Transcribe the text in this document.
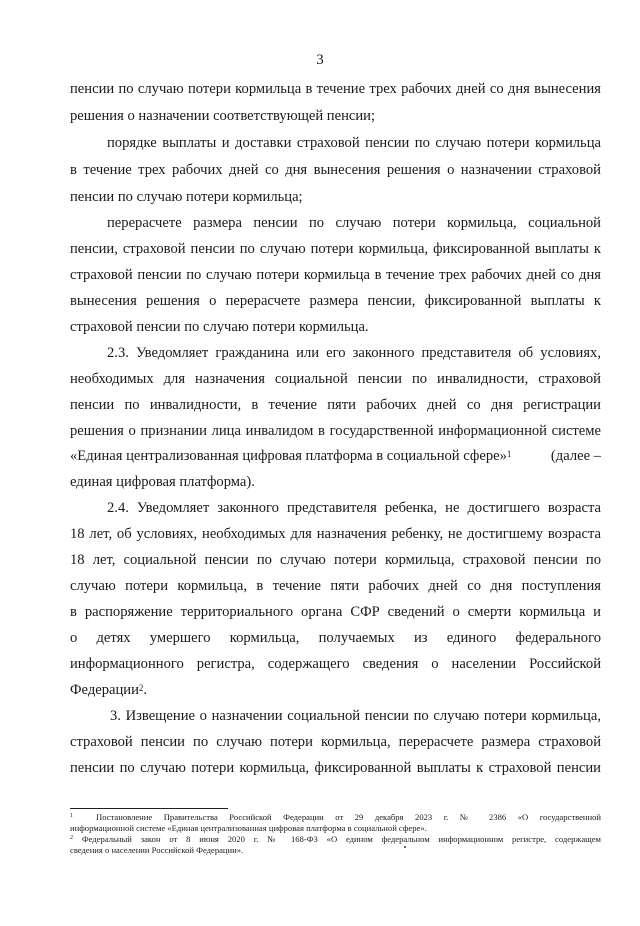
3
пенсии по случаю потери кормильца в течение трех рабочих дней со дня вынесения
решения о назначении соответствующей пенсии;
порядке выплаты и доставки страховой пенсии по случаю потери кормильца
в течение трех рабочих дней со дня вынесения решения о назначении страховой
пенсии по случаю потери кормильца;
перерасчете размера пенсии по случаю потери кормильца, социальной
пенсии, страховой пенсии по случаю потери кормильца, фиксированной выплаты к
страховой пенсии по случаю потери кормильца в течение трех рабочих дней со дня
вынесения решения о перерасчете размера пенсии, фиксированной выплаты к
страховой пенсии по случаю потери кормильца.
2.3. Уведомляет гражданина или его законного представителя об условиях,
необходимых для назначения социальной пенсии по инвалидности, страховой
пенсии по инвалидности, в течение пяти рабочих дней со дня регистрации
решения о признании лица инвалидом в государственной информационной системе
«Единая централизованная цифровая платформа в социальной сфере»$^1$	(далее –
единая цифровая платформа).
2.4. Уведомляет законного представителя ребенка, не достигшего возраста
18 лет, об условиях, необходимых для назначения ребенку, не достигшему возраста
18 лет, социальной пенсии по случаю потери кормильца, страховой пенсии по
случаю потери кормильца, в течение пяти рабочих дней со дня поступления
в распоряжение территориального органа СФР сведений о смерти кормильца и
о детях умершего кормильца, получаемых из единого федерального
информационного регистра, содержащего сведения о населении Российской
Федерации$^2$.
3. Извещение о назначении социальной пенсии по случаю потери кормильца,
страховой пенсии по случаю потери кормильца, перерасчете размера страховой
пенсии по случаю потери кормильца, фиксированной выплаты к страховой пенсии
$^1$	Постановление Правительства Российской Федерации от 29 декабря 2023 г. № 2386 «О государственной
информационной системе «Единая централизованная цифровая платформа в социальной сфере».
$^2$ Федеральный закон от 8 июня 2020 г. № 168-ФЗ «О едином федеральном информационном регистре, содержащем
сведения о населении Российской Федерации».
